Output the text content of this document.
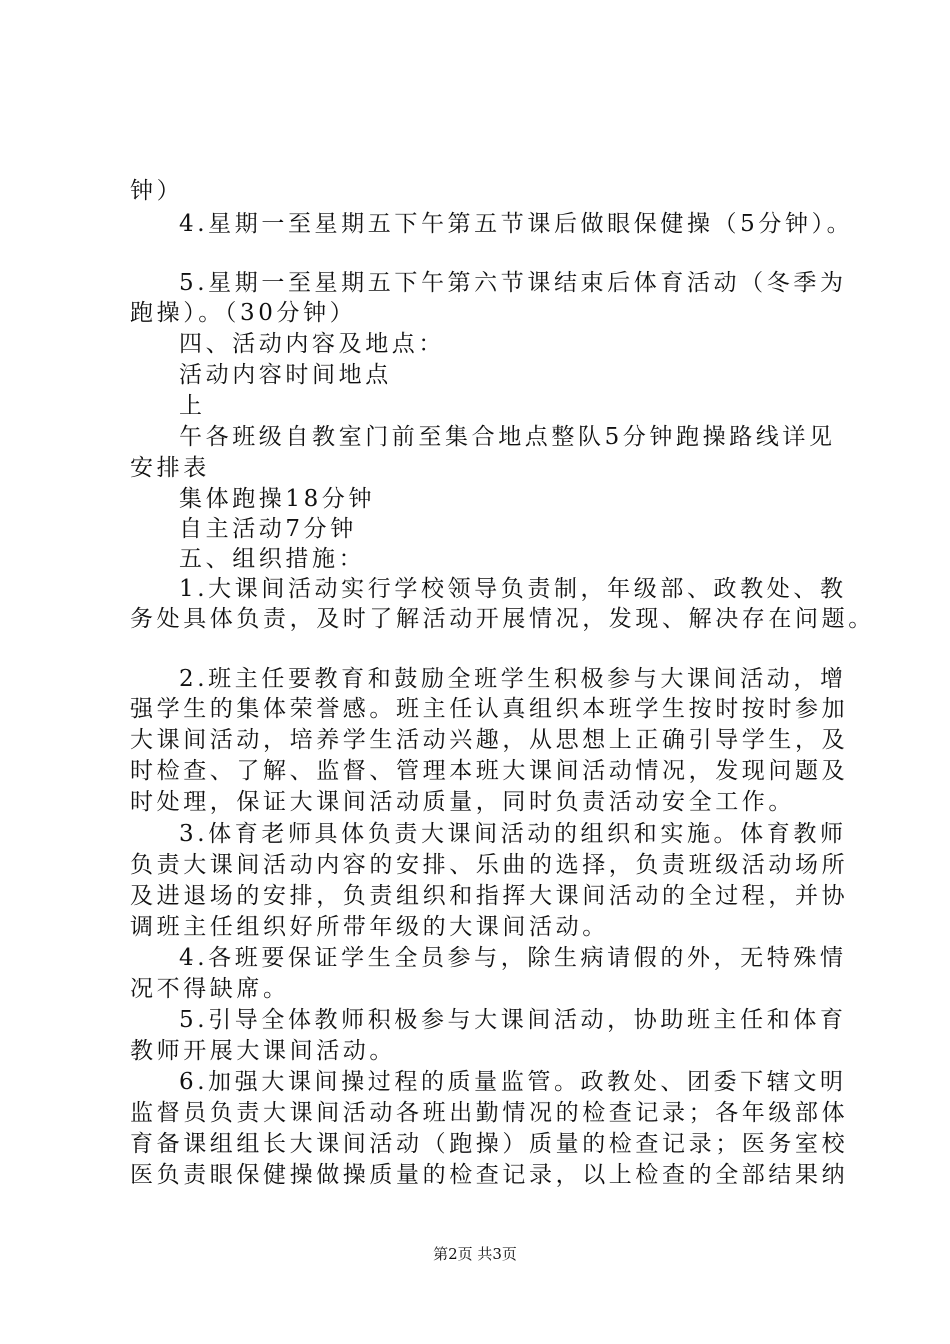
钟）
4.星期一至星期五下午第五节课后做眼保健操（5分钟）。
5.星期一至星期五下午第六节课结束后体育活动（冬季为
跑操）。（30分钟）
四、活动内容及地点：
活动内容时间地点
上
午各班级自教室门前至集合地点整队5分钟跑操路线详见
安排表
集体跑操18分钟
自主活动7分钟
五、组织措施：
1.大课间活动实行学校领导负责制，年级部、政教处、教
务处具体负责，及时了解活动开展情况，发现、解决存在问题。
2.班主任要教育和鼓励全班学生积极参与大课间活动，增
强学生的集体荣誉感。班主任认真组织本班学生按时按时参加
大课间活动，培养学生活动兴趣，从思想上正确引导学生，及
时检查、了解、监督、管理本班大课间活动情况，发现问题及
时处理，保证大课间活动质量，同时负责活动安全工作。
3.体育老师具体负责大课间活动的组织和实施。体育教师
负责大课间活动内容的安排、乐曲的选择，负责班级活动场所
及进退场的安排，负责组织和指挥大课间活动的全过程，并协
调班主任组织好所带年级的大课间活动。
4.各班要保证学生全员参与，除生病请假的外，无特殊情
况不得缺席。
5.引导全体教师积极参与大课间活动，协助班主任和体育
教师开展大课间活动。
6.加强大课间操过程的质量监管。政教处、团委下辖文明
监督员负责大课间活动各班出勤情况的检查记录；各年级部体
育备课组组长大课间活动（跑操）质量的检查记录；医务室校
医负责眼保健操做操质量的检查记录，以上检查的全部结果纳
第2页 共3页
